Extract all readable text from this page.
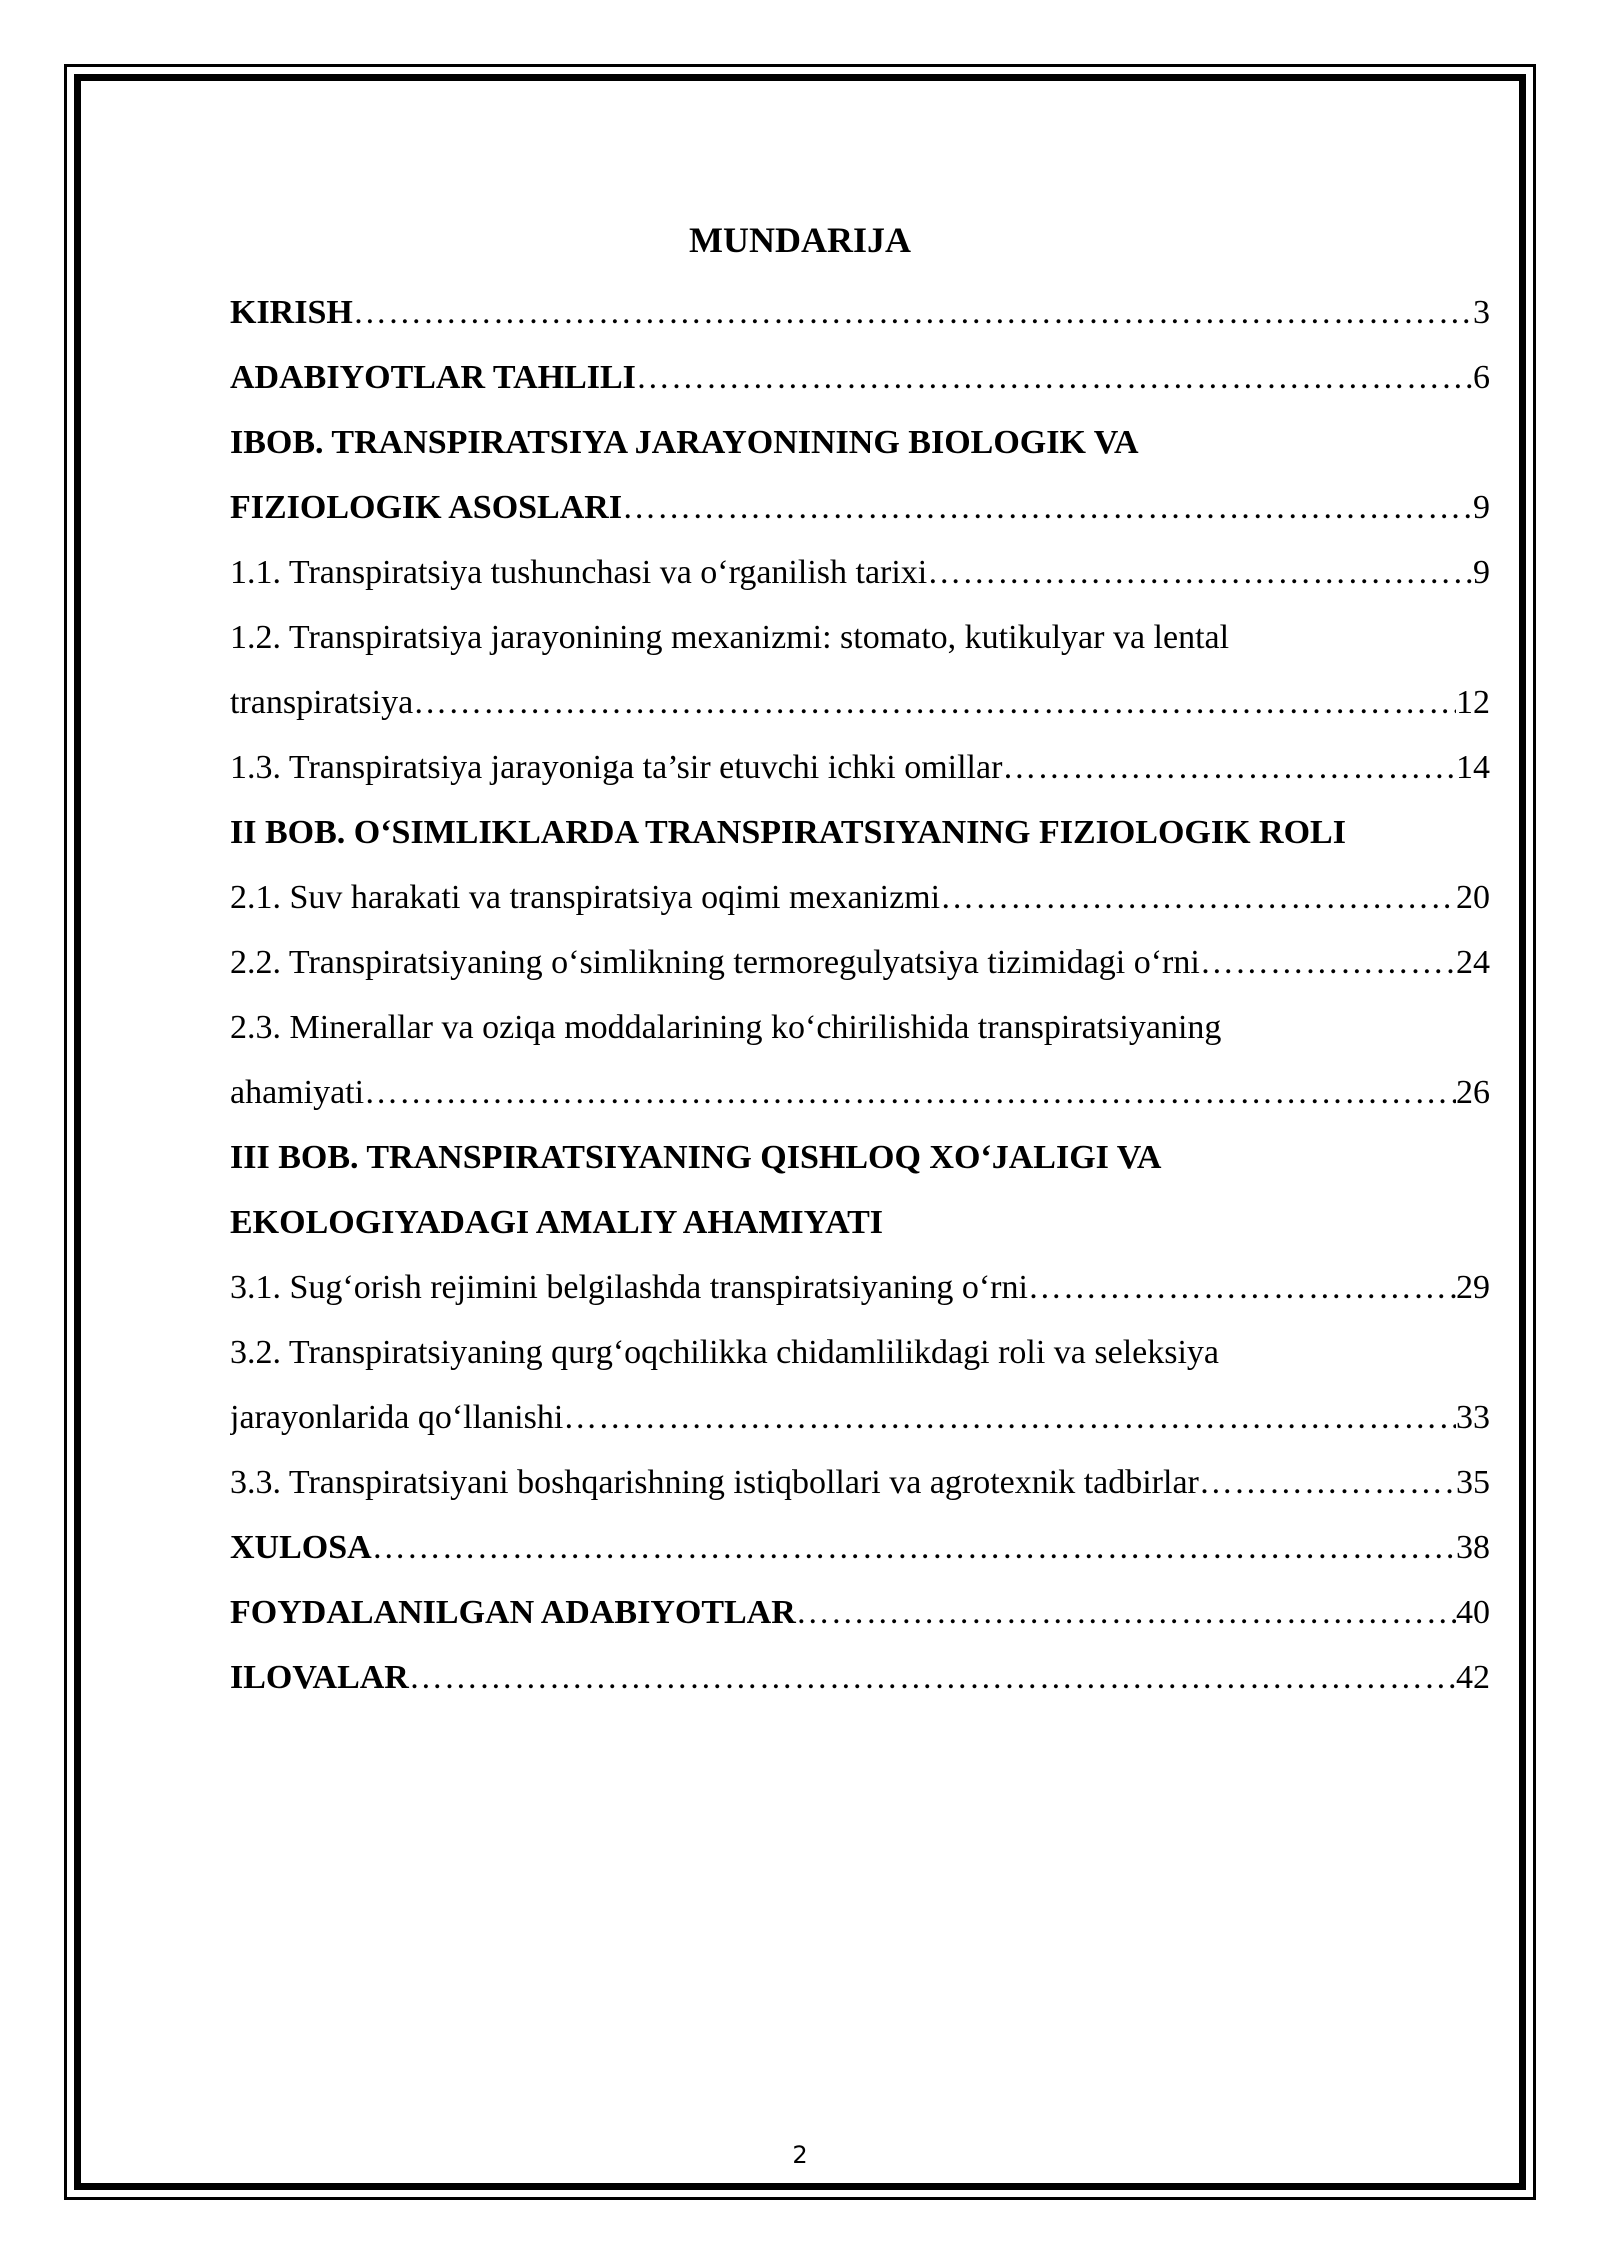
MUNDARIJA
KIRISH ……………………………………………………………………………………………………………………………………………………………………………………………	3
ADABIYOTLAR TAHLILI ……………………………………………………………………………………………………………………………………………………………………………………………	6
IBOB. TRANSPIRATSIYA JARAYONINING BIOLOGIK VA
FIZIOLOGIK ASOSLARI ……………………………………………………………………………………………………………………………………………………………………………………………	9
1.1. Transpiratsiya tushunchasi va o‘rganilish tarixi ……………………………………………………………………………………………………………………………………………………………………………………………	9
1.2. Transpiratsiya jarayonining mexanizmi: stomato, kutikulyar va lental
transpiratsiya ……………………………………………………………………………………………………………………………………………………………………………………………	12
1.3. Transpiratsiya jarayoniga ta’sir etuvchi ichki omillar ……………………………………………………………………………………………………………………………………………………………………………………………	14
II BOB. O‘SIMLIKLARDA TRANSPIRATSIYANING FIZIOLOGIK ROLI
2.1. Suv harakati va transpiratsiya oqimi mexanizmi ……………………………………………………………………………………………………………………………………………………………………………………………	20
2.2. Transpiratsiyaning o‘simlikning termoregulyatsiya tizimidagi o‘rni ……………………………………………………………………………………………………………………………………………………………………………………………	24
2.3. Minerallar va oziqa moddalarining ko‘chirilishida transpiratsiyaning
ahamiyati ……………………………………………………………………………………………………………………………………………………………………………………………	26
III BOB. TRANSPIRATSIYANING QISHLOQ XO‘JALIGI VA
EKOLOGIYADAGI AMALIY AHAMIYATI
3.1. Sug‘orish rejimini belgilashda transpiratsiyaning o‘rni ……………………………………………………………………………………………………………………………………………………………………………………………	29
3.2. Transpiratsiyaning qurg‘oqchilikka chidamlilikdagi roli va seleksiya
jarayonlarida qo‘llanishi ……………………………………………………………………………………………………………………………………………………………………………………………	33
3.3. Transpiratsiyani boshqarishning istiqbollari va agrotexnik tadbirlar ……………………………………………………………………………………………………………………………………………………………………………………………	35
XULOSA ……………………………………………………………………………………………………………………………………………………………………………………………	38
FOYDALANILGAN ADABIYOTLAR ……………………………………………………………………………………………………………………………………………………………………………………………	40
ILOVALAR ……………………………………………………………………………………………………………………………………………………………………………………………	42
2
